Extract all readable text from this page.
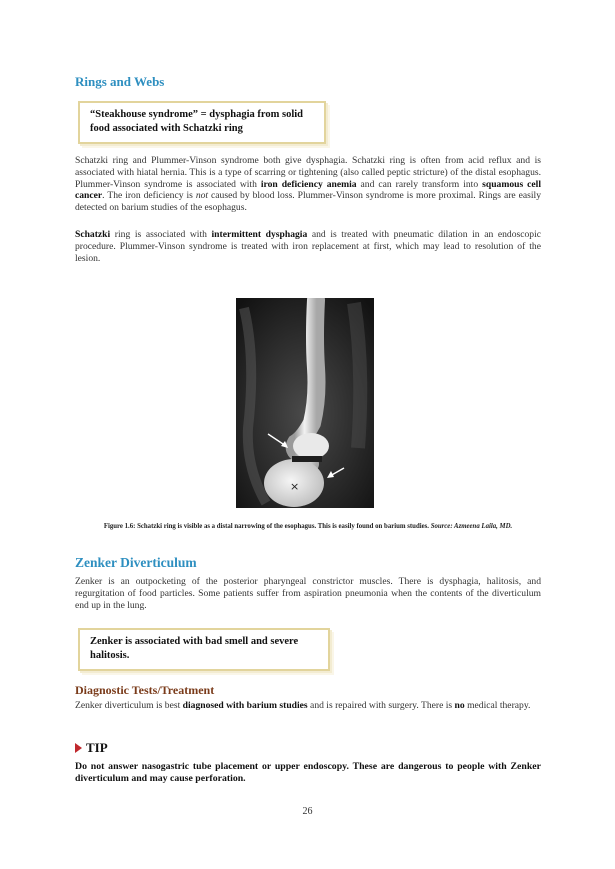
Rings and Webs
“Steakhouse syndrome” = dysphagia from solid food associated with Schatzki ring

Schatzki ring and Plummer-Vinson syndrome both give dysphagia. Schatzki ring is often from acid reflux and is associated with hiatal hernia. This is a type of scarring or tightening (also called peptic stricture) of the distal esophagus. Plummer-Vinson syndrome is associated with iron deficiency anemia and can rarely transform into squamous cell cancer. The iron deficiency is not caused by blood loss. Plummer-Vinson syndrome is more proximal. Rings are easily detected on barium studies of the esophagus.

Schatzki ring is associated with intermittent dysphagia and is treated with pneumatic dilation in an endoscopic procedure. Plummer-Vinson syndrome is treated with iron replacement at first, which may lead to resolution of the lesion.

×

Figure 1.6: Schatzki ring is visible as a distal narrowing of the esophagus. This is easily found on barium studies. Source: Azmeena Laila, MD.

Zenker Diverticulum

Zenker is an outpocketing of the posterior pharyngeal constrictor muscles. There is dysphagia, halitosis, and regurgitation of food particles. Some patients suffer from aspiration pneumonia when the contents of the diverticulum end up in the lung.

Zenker is associated with bad smell and severe halitosis.
Diagnostic Tests/Treatment

Zenker diverticulum is best diagnosed with barium studies and is repaired with surgery. There is no medical therapy.

TIP

Do not answer nasogastric tube placement or upper endoscopy. These are dangerous to people with Zenker diverticulum and may cause perforation.

26
